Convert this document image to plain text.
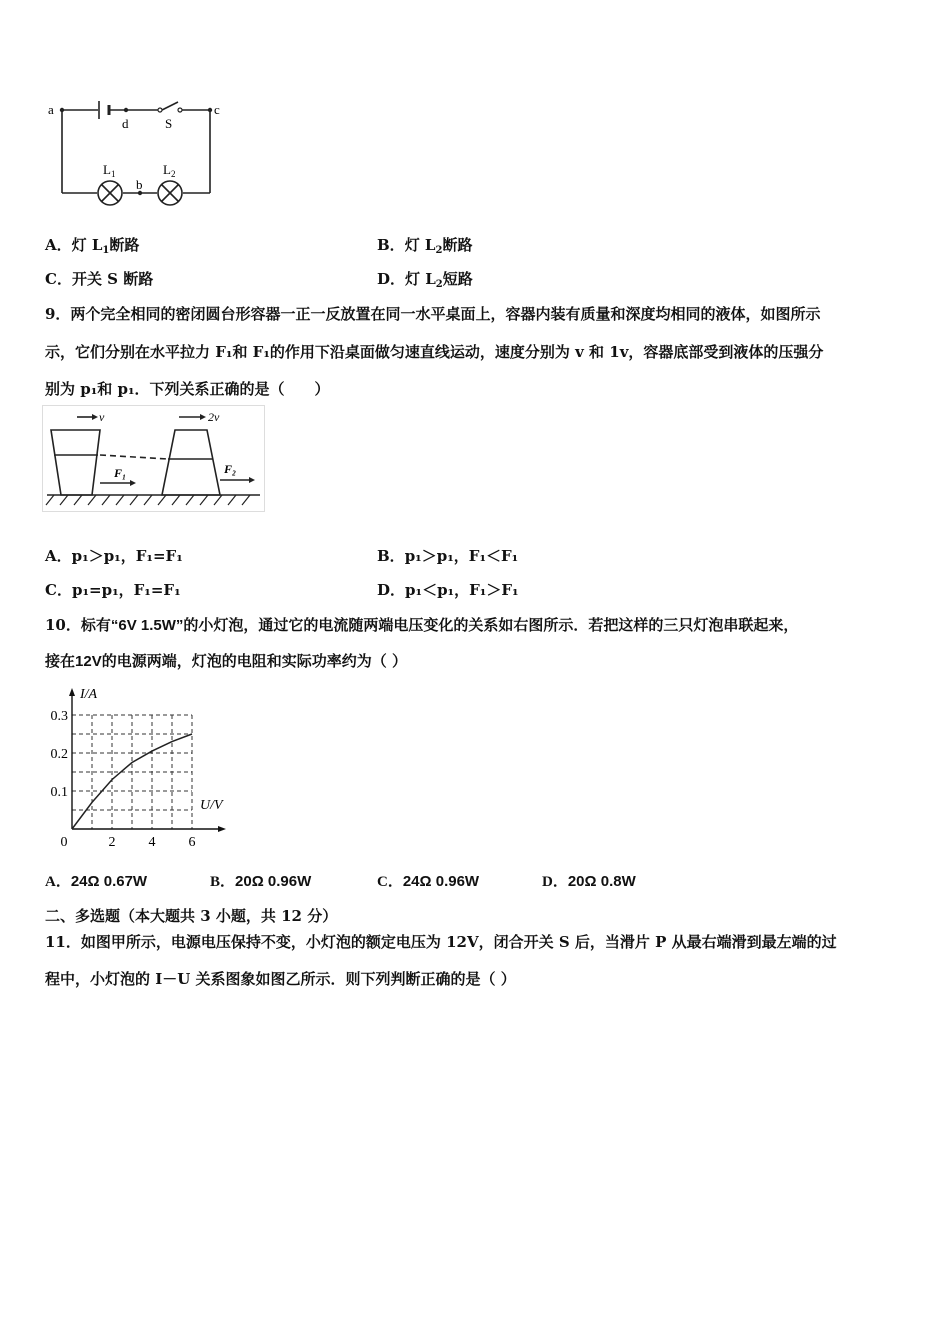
a	c
d	S
b
$L_1$	$L_2$
A．灯 $L_1$断路	B．灯 $L_2$断路
C．开关 S 断路	D．灯 $L_2$短路
9．两个完全相同的密闭圆台形容器一正一反放置在同一水平桌面上，容器内装有质量和深度均相同的液体，如图所示
示，它们分别在水平拉力 F₁和 F₁的作用下沿桌面做匀速直线运动，速度分别为 v 和 1v，容器底部受到液体的压强分
别为 p₁和 p₁．下列关系正确的是（　　）
v	2v
F₁	F₂
A．p₁＞p₁，F₁=F₁	B．p₁＞p₁，F₁＜F₁
C．p₁=p₁，F₁=F₁	D．p₁＜p₁，F₁＞F₁
10．标有“6V 1.5W”的小灯泡，通过它的电流随两端电压变化的关系如右图所示．若把这样的三只灯泡串联起来，
接在12V的电源两端，灯泡的电阻和实际功率约为（ ）
0	2 4 6
0.1
0.2
0.3
I/A
U/V
A．24Ω 0.67W	B．20Ω 0.96W	C．24Ω 0.96W	D．20Ω 0.8W
二、多选题（本大题共 3 小题，共 12 分）
11．如图甲所示，电源电压保持不变，小灯泡的额定电压为 12V，闭合开关 S 后，当滑片 P 从最右端滑到最左端的过
程中，小灯泡的 I－U 关系图象如图乙所示．则下列判断正确的是（ ）
